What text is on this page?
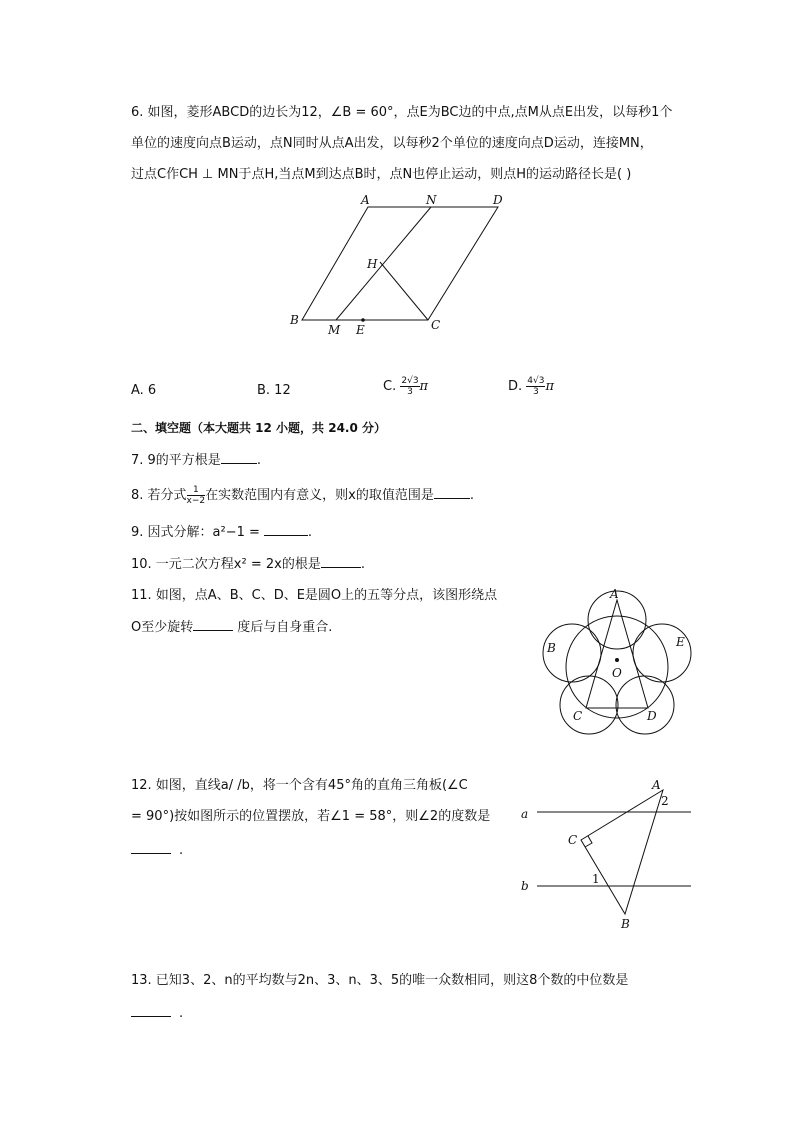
6. 如图，菱形ABCD的边长为12，∠B = 60°，点E为BC边的中点,点M从点E出发，以每秒1个
单位的速度向点B运动，点N同时从点A出发，以每秒2个单位的速度向点D运动，连接MN，
过点C作CH ⊥ MN于点H,当点M到达点B时，点N也停止运动，则点H的运动路径长是( )
A	N	D
H
B
M E	C
A. 6	B. 12	C. $\frac{2√3}{3}$ π	D. $\frac{4√3}{3}$ π
二、填空题（本大题共 12 小题，共 24.0 分）
7. 9的平方根是	.
8. 若分式 $\frac{1}{x-2}$ 在实数范围内有意义，则x的取值范围是	.
9. 因式分解：a²−1 =	.
10. 一元二次方程x² = 2x的根是	.
11. 如图，点A、B、C、D、E是圆O上的五等分点，该图形绕点
O至少旋转	度后与自身重合.
A
B
C	D
E
O
12. 如图，直线a/ /b，将一个含有45°角的直角三角板(∠C
= 90°)按如图所示的位置摆放，若∠1 = 58°，则∠2的度数是
.
a
b
A
C
B
1
2
13. 已知3、2、n的平均数与2n、3、n、3、5的唯一众数相同，则这8个数的中位数是
.
